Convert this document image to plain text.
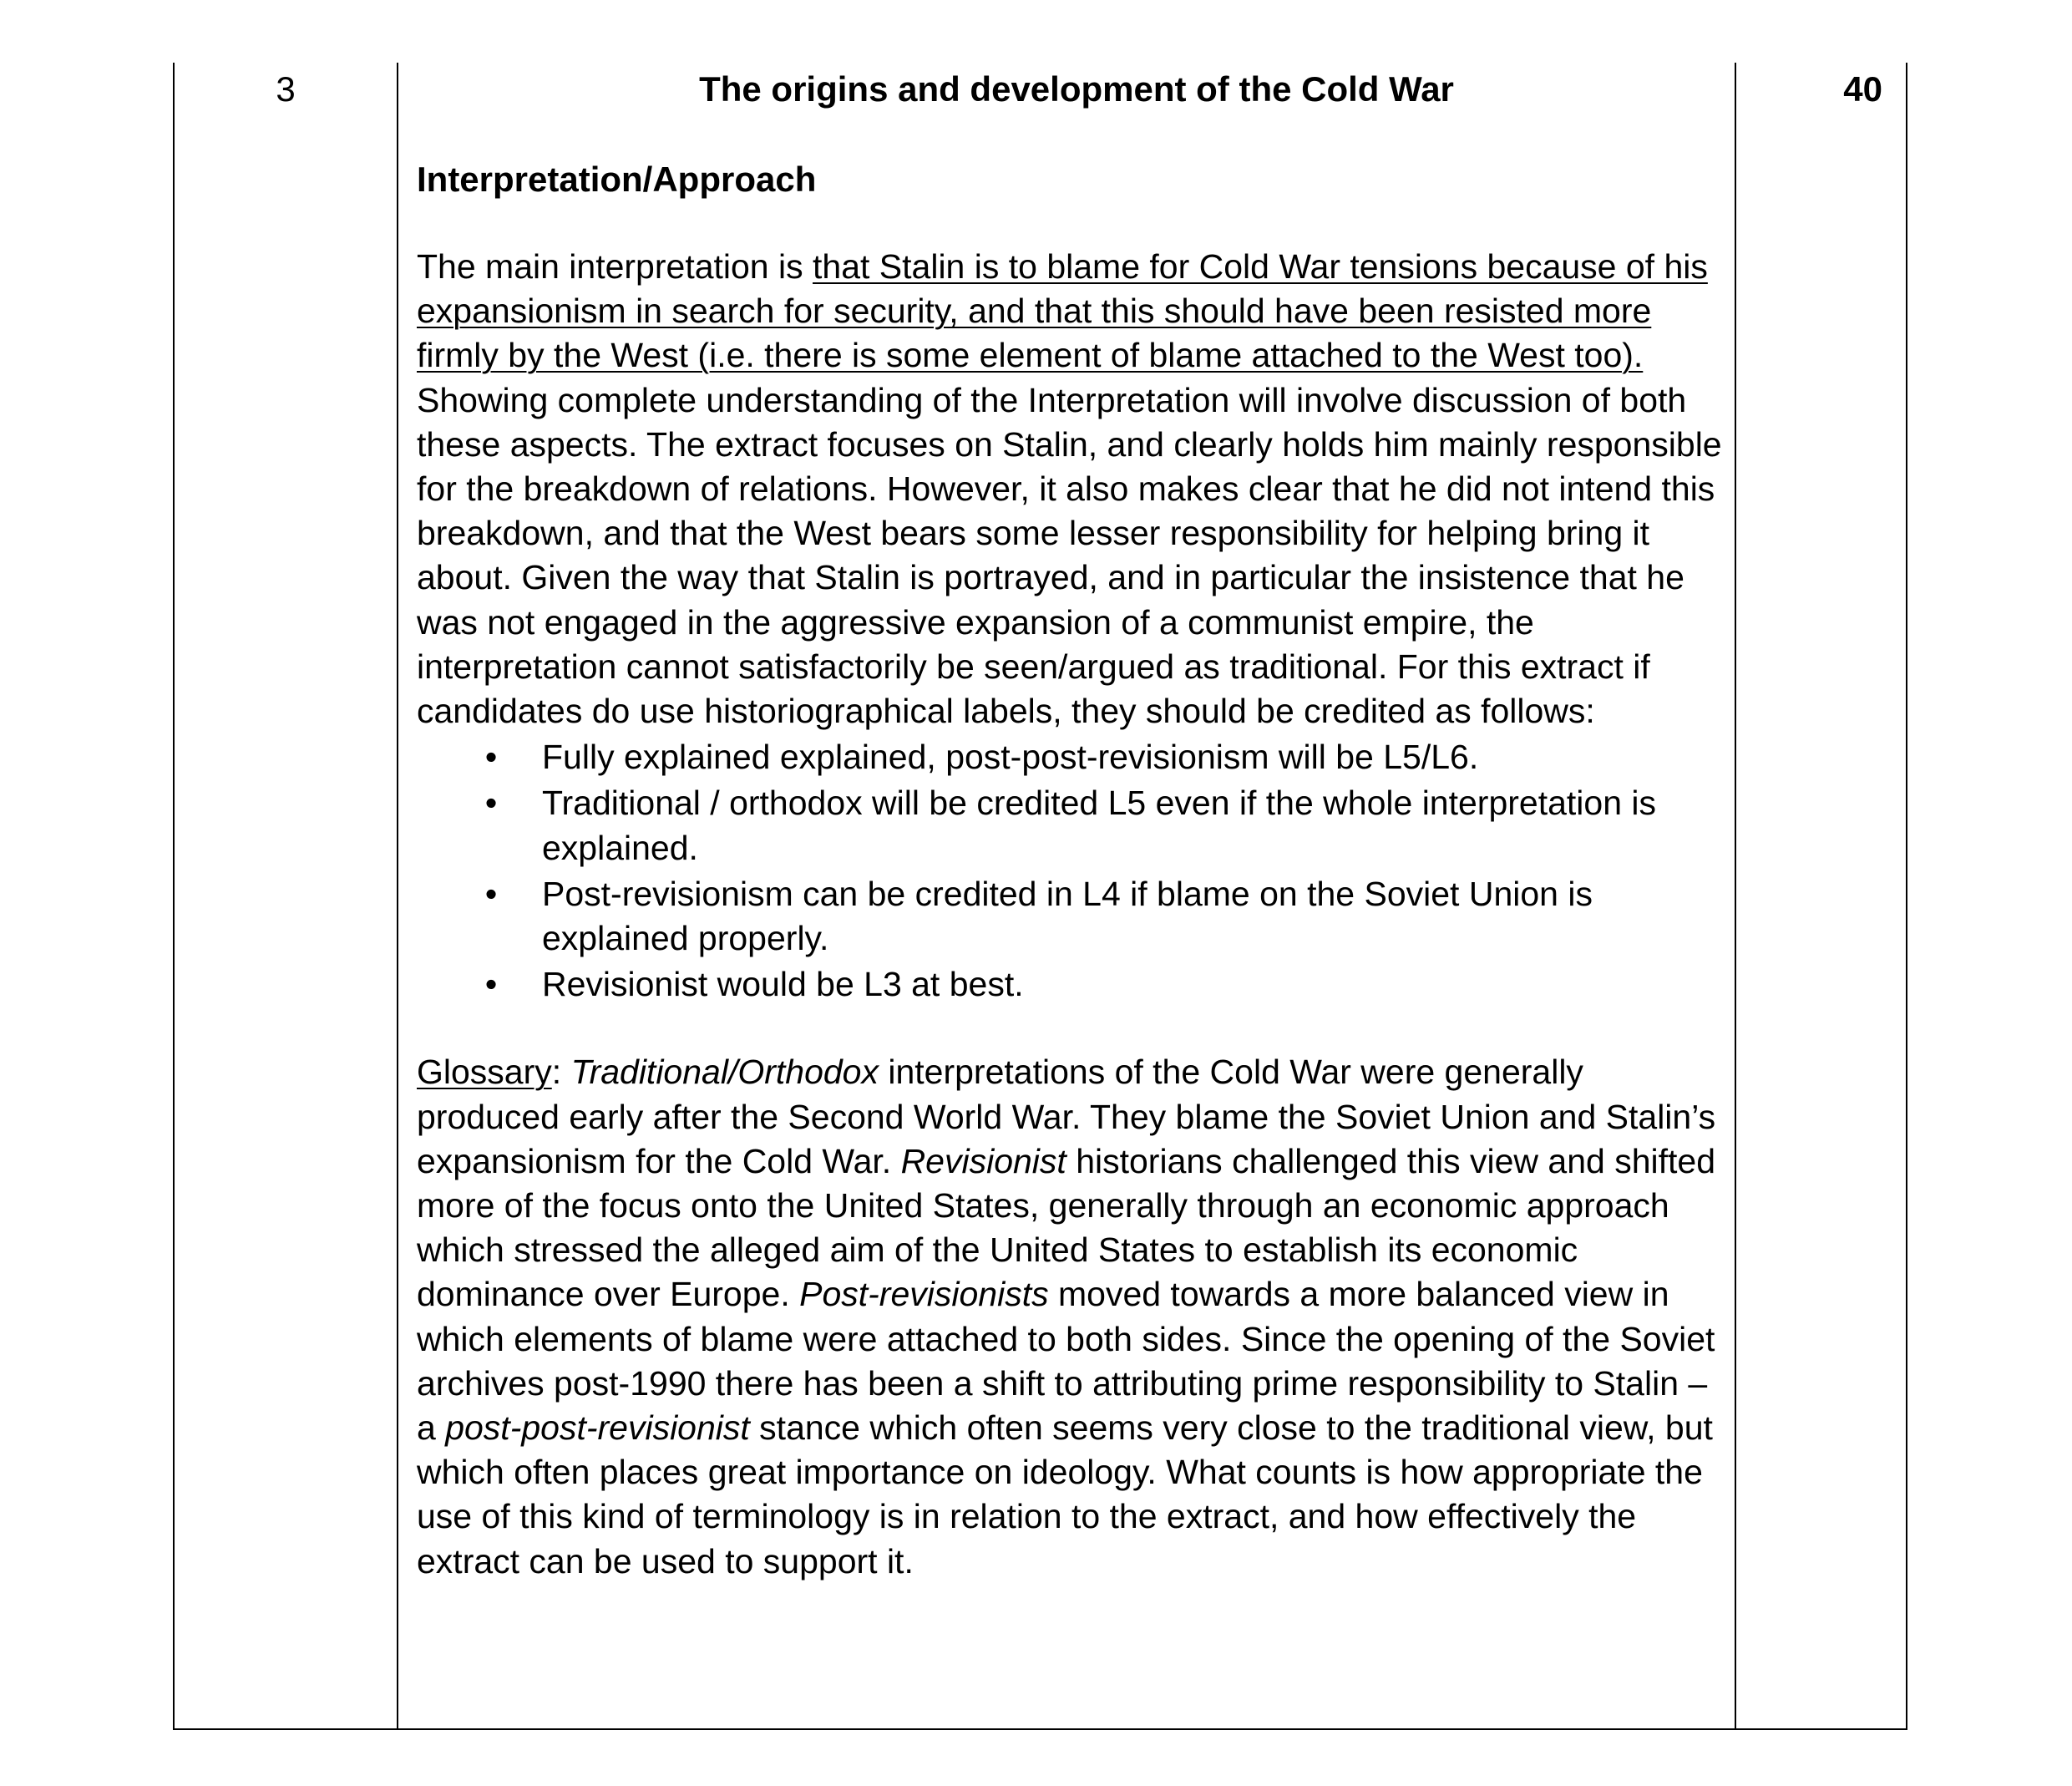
3	The origins and development of the Cold War

Interpretation/Approach

The main interpretation is that Stalin is to blame for Cold War tensions because of his expansionism in search for security, and that this should have been resisted more firmly by the West (i.e. there is some element of blame attached to the West too). Showing complete understanding of the Interpretation will involve discussion of both these aspects. The extract focuses on Stalin, and clearly holds him mainly responsible for the breakdown of relations. However, it also makes clear that he did not intend this breakdown, and that the West bears some lesser responsibility for helping bring it about. Given the way that Stalin is portrayed, and in particular the insistence that he was not engaged in the aggressive expansion of a communist empire, the interpretation cannot satisfactorily be seen/argued as traditional. For this extract if candidates do use historiographical labels, they should be credited as follows:

• Fully explained explained, post-post-revisionism will be L5/L6.
• Traditional / orthodox will be credited L5 even if the whole interpretation is explained.
• Post-revisionism can be credited in L4 if blame on the Soviet Union is explained properly.
• Revisionist would be L3 at best.

Glossary: Traditional/Orthodox interpretations of the Cold War were generally produced early after the Second World War. They blame the Soviet Union and Stalin’s expansionism for the Cold War. Revisionist historians challenged this view and shifted more of the focus onto the United States, generally through an economic approach which stressed the alleged aim of the United States to establish its economic dominance over Europe. Post-revisionists moved towards a more balanced view in which elements of blame were attached to both sides. Since the opening of the Soviet archives post-1990 there has been a shift to attributing prime responsibility to Stalin – a post-post-revisionist stance which often seems very close to the traditional view, but which often places great importance on ideology. What counts is how appropriate the use of this kind of terminology is in relation to the extract, and how effectively the extract can be used to support it.

40
